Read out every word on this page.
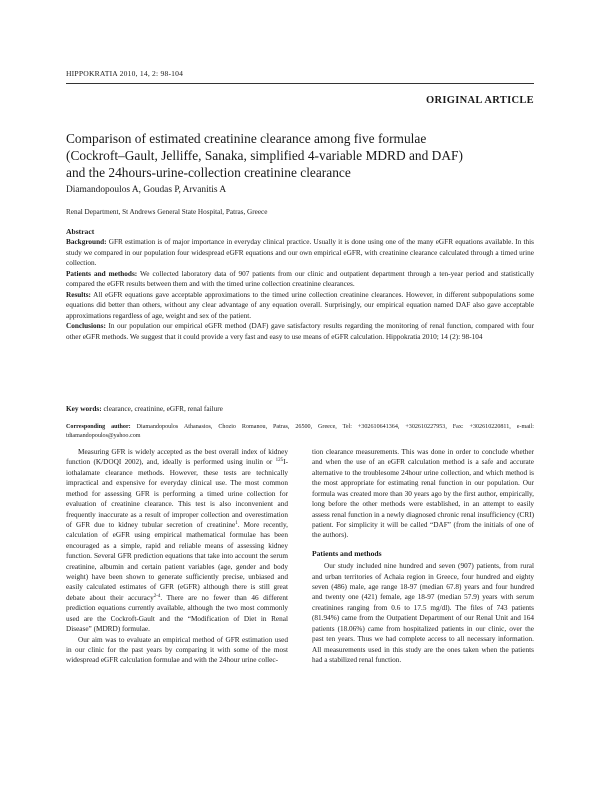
HIPPOKRATIA 2010, 14, 2: 98-104
ORIGINAL ARTICLE
Comparison of estimated creatinine clearance among five formulae
(Cockroft–Gault, Jelliffe, Sanaka, simplified 4-variable MDRD and DAF)
and the 24hours-urine-collection creatinine clearance
Diamandopoulos A, Goudas P, Arvanitis A
Renal Department, St Andrews General State Hospital, Patras, Greece
Abstract

Background: GFR estimation is of major importance in everyday clinical practice. Usually it is done using one of the many eGFR equations available. In this study we compared in our population four widespread eGFR equations and our own empirical eGFR, with creatinine clearance calculated through a timed urine collection.

Patients and methods: We collected laboratory data of 907 patients from our clinic and outpatient department through a ten-year period and statistically compared the eGFR results between them and with the timed urine collection creatinine clearances.

Results: All eGFR equations gave acceptable approximations to the timed urine collection creatinine clearances. However, in different subpopulations some equations did better than others, without any clear advantage of any equation overall. Surprisingly, our empirical equation named DAF also gave acceptable approximations regardless of age, weight and sex of the patient.

Conclusions: In our population our empirical eGFR method (DAF) gave satisfactory results regarding the monitoring of renal function, compared with four other eGFR methods. We suggest that it could provide a very fast and easy to use means of eGFR calculation. Hippokratia 2010; 14 (2): 98-104

Key words: clearance, creatinine, eGFR, renal failure
Corresponding author: Diamandopoulos Athanasios, Chozio Romanou, Patras, 26500, Greece, Tel: +302610641364, +302610227953, Fax: +302610220811, e-mail: tdiamandopoulos@yahoo.com

Measuring GFR is widely accepted as the best overall index of kidney function (K/DOQI 2002), and, ideally is performed using inulin or $^{125}$I-iothalamate clearance methods. However, these tests are technically impractical and expensive for everyday clinical use. The most common method for assessing GFR is performing a timed urine collection for evaluation of creatinine clearance. This test is also inconvenient and frequently inaccurate as a result of improper collection and overestimation of GFR due to kidney tubular secretion of creatinine$^1$. More recently, calculation of eGFR using empirical mathematical formulae has been encouraged as a simple, rapid and reliable means of assessing kidney function. Several GFR prediction equations that take into account the serum creatinine, albumin and certain patient variables (age, gender and body weight) have been shown to generate sufficiently precise, unbiased and easily calculated estimates of GFR (eGFR) although there is still great debate about their accuracy$^{2-4}$. There are no fewer than 46 different prediction equations currently available, although the two most commonly used are the Cockroft-Gault and the “Modification of Diet in Renal Disease” (MDRD) formulae.

Our aim was to evaluate an empirical method of GFR estimation used in our clinic for the past years by comparing it with some of the most widespread eGFR calculation formulae and with the 24hour urine collec-

tion clearance measurements. This was done in order to conclude whether and when the use of an eGFR calculation method is a safe and accurate alternative to the troublesome 24hour urine collection, and which method is the most appropriate for estimating renal function in our population. Our formula was created more than 30 years ago by the first author, empirically, long before the other methods were established, in an attempt to easily assess renal function in a newly diagnosed chronic renal insufficiency (CRI) patient. For simplicity it will be called “DAF” (from the initials of one of the authors).

Patients and methods

Our study included nine hundred and seven (907) patients, from rural and urban territories of Achaia region in Greece, four hundred and eighty seven (486) male, age range 18-97 (median 67.8) years and four hundred and twenty one (421) female, age 18-97 (median 57.9) years with serum creatinines ranging from 0.6 to 17.5 mg/dl). The files of 743 patients (81.94%) came from the Outpatient Department of our Renal Unit and 164 patients (18.06%) came from hospitalized patients in our clinic, over the past ten years. Thus we had complete access to all necessary information. All measurements used in this study are the ones taken when the patients had a stabilized renal function.
